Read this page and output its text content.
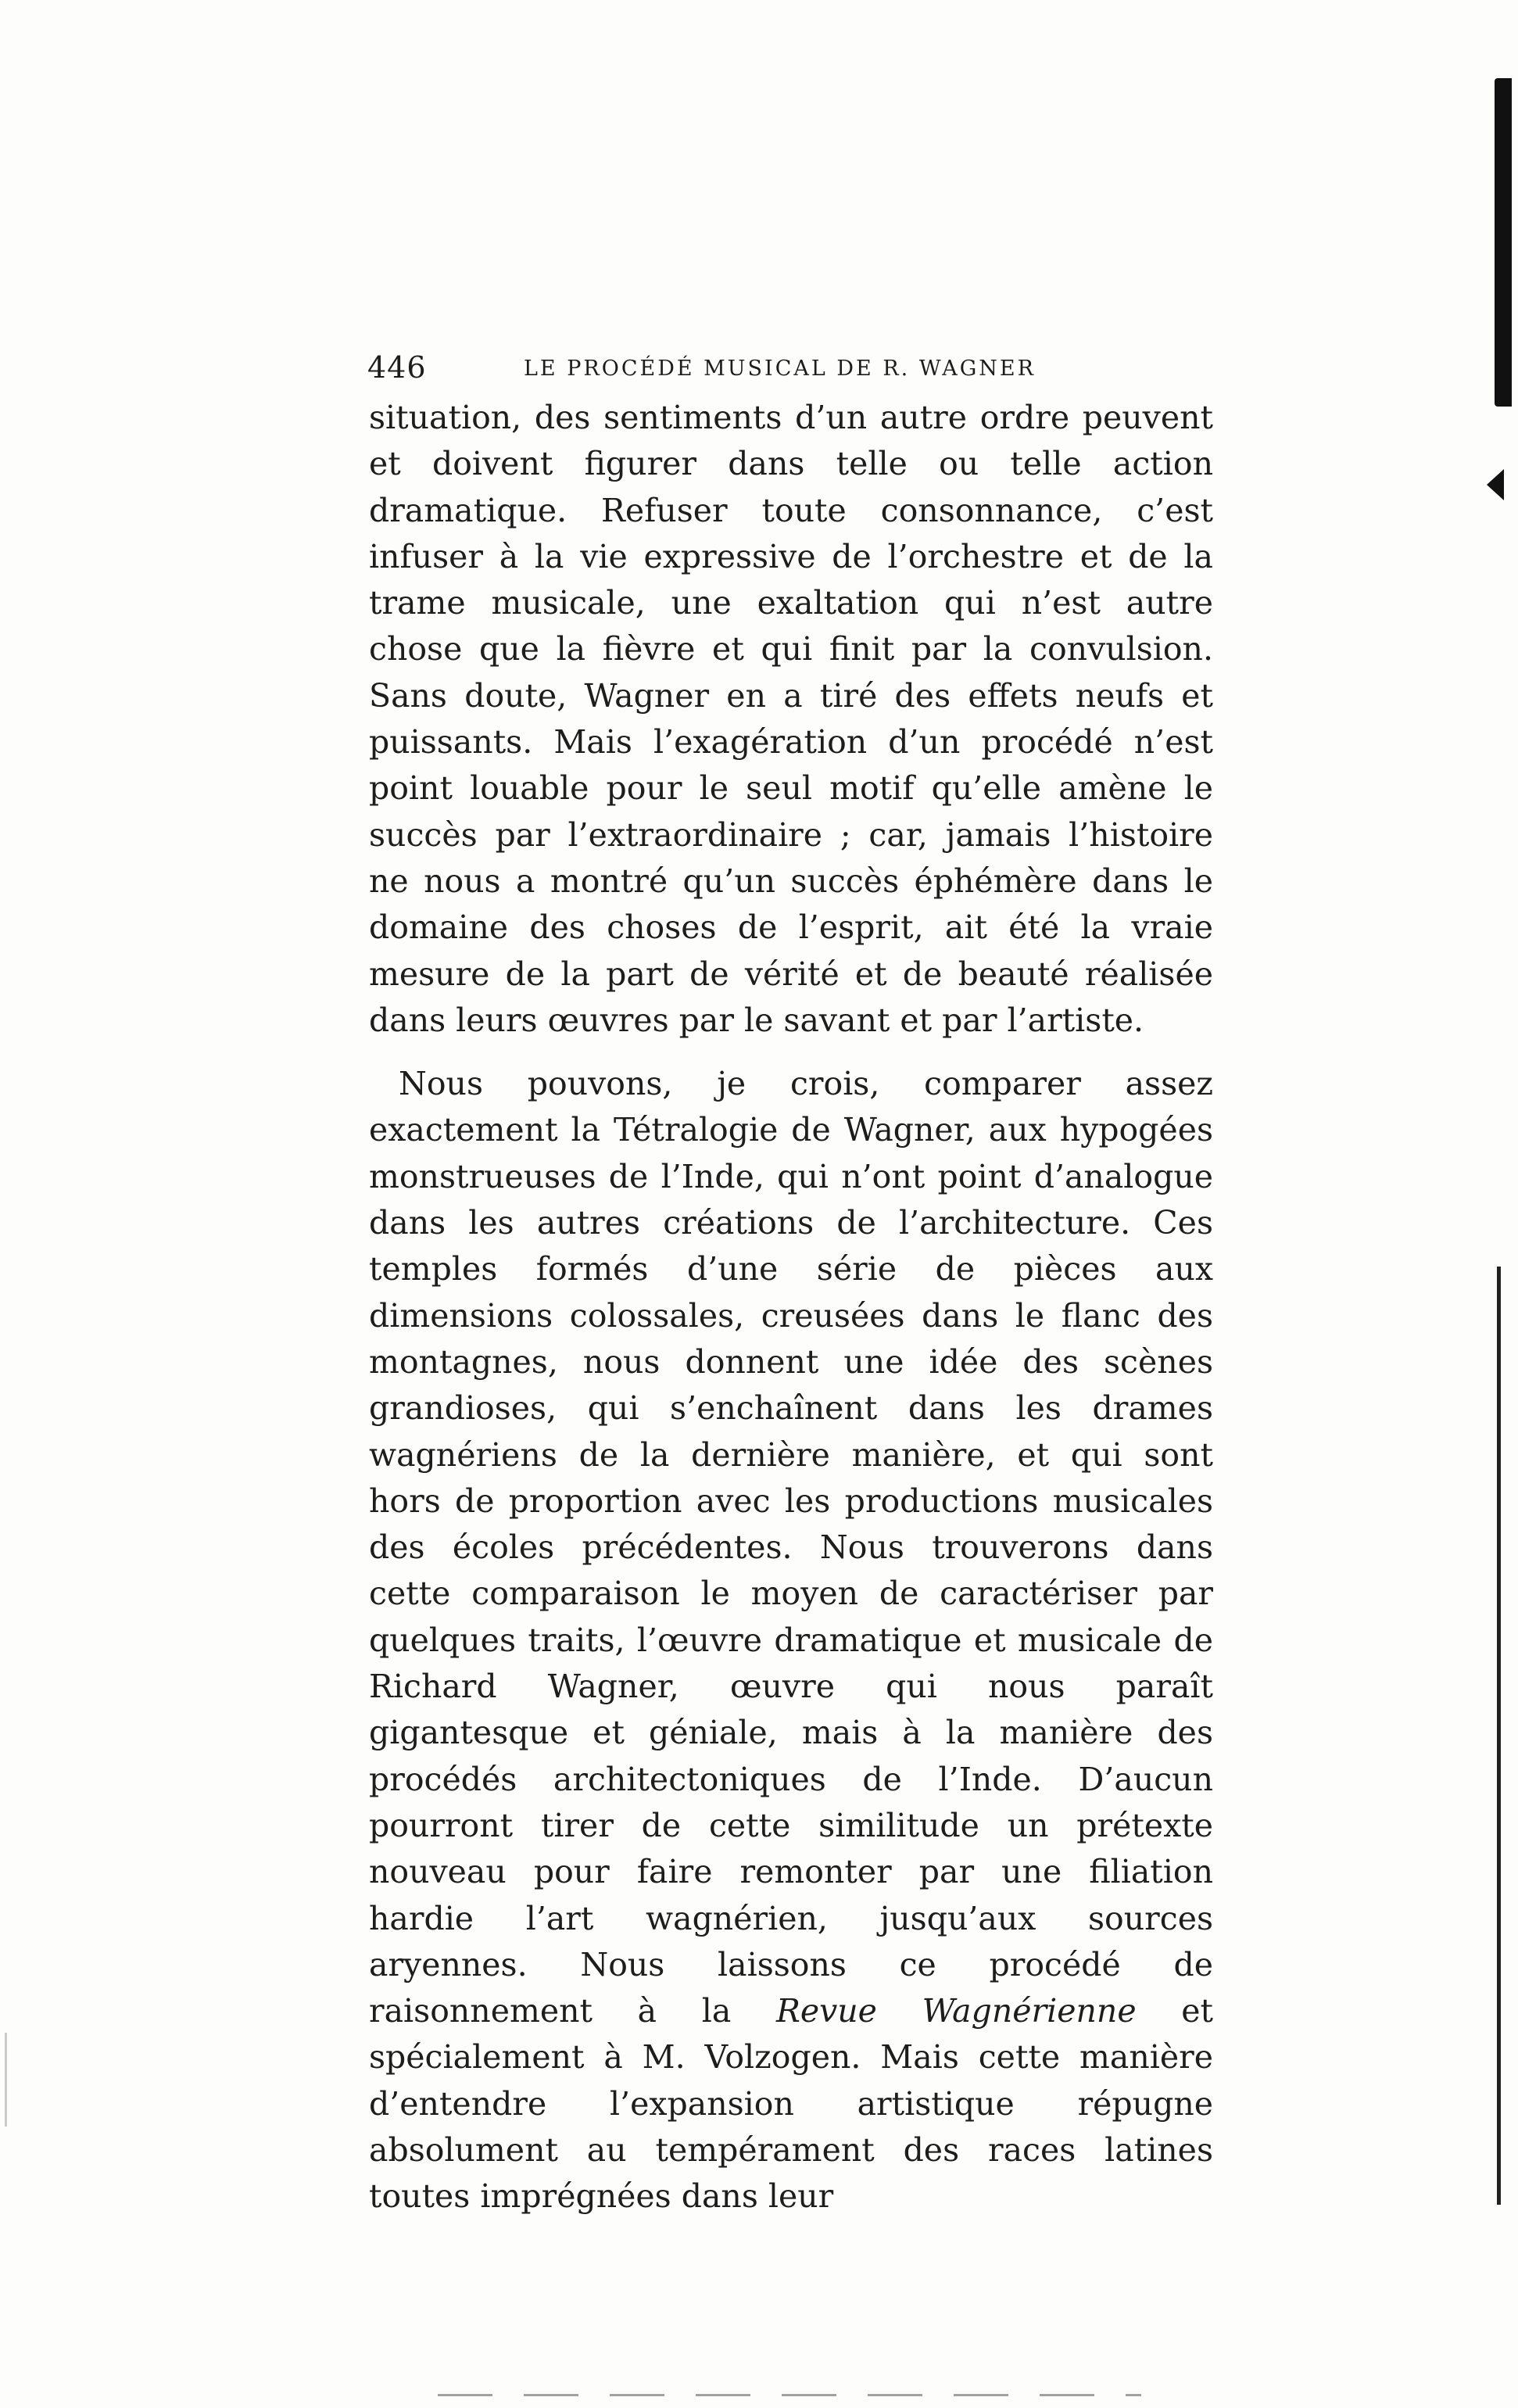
446	LE PROCÉDÉ MUSICAL DE R. WAGNER

situation, des sentiments d’un autre ordre peuvent et doivent figurer dans telle ou telle action dramatique. Refuser toute consonnance, c’est infuser à la vie expressive de l’orchestre et de la trame musicale, une exaltation qui n’est autre chose que la fièvre et qui finit par la convulsion. Sans doute, Wagner en a tiré des effets neufs et puissants. Mais l’exagération d’un procédé n’est point louable pour le seul motif qu’elle amène le succès par l’extraordinaire ; car, jamais l’histoire ne nous a montré qu’un succès éphémère dans le domaine des choses de l’esprit, ait été la vraie mesure de la part de vérité et de beauté réalisée dans leurs œuvres par le savant et par l’artiste.

Nous pouvons, je crois, comparer assez exactement la Tétralogie de Wagner, aux hypogées monstrueuses de l’Inde, qui n’ont point d’analogue dans les autres créations de l’architecture. Ces temples formés d’une série de pièces aux dimensions colossales, creusées dans le flanc des montagnes, nous donnent une idée des scènes grandioses, qui s’enchaînent dans les drames wagnériens de la dernière manière, et qui sont hors de proportion avec les productions musicales des écoles précédentes. Nous trouverons dans cette comparaison le moyen de caractériser par quelques traits, l’œuvre dramatique et musicale de Richard Wagner, œuvre qui nous paraît gigantesque et géniale, mais à la manière des procédés architectoniques de l’Inde. D’aucun pourront tirer de cette similitude un prétexte nouveau pour faire remonter par une filiation hardie l’art wagnérien, jusqu’aux sources aryennes. Nous laissons ce procédé de raisonnement à la Revue Wagnérienne et spécialement à M. Volzogen. Mais cette manière d’entendre l’expansion artistique répugne absolument au tempérament des races latines toutes imprégnées dans leur
